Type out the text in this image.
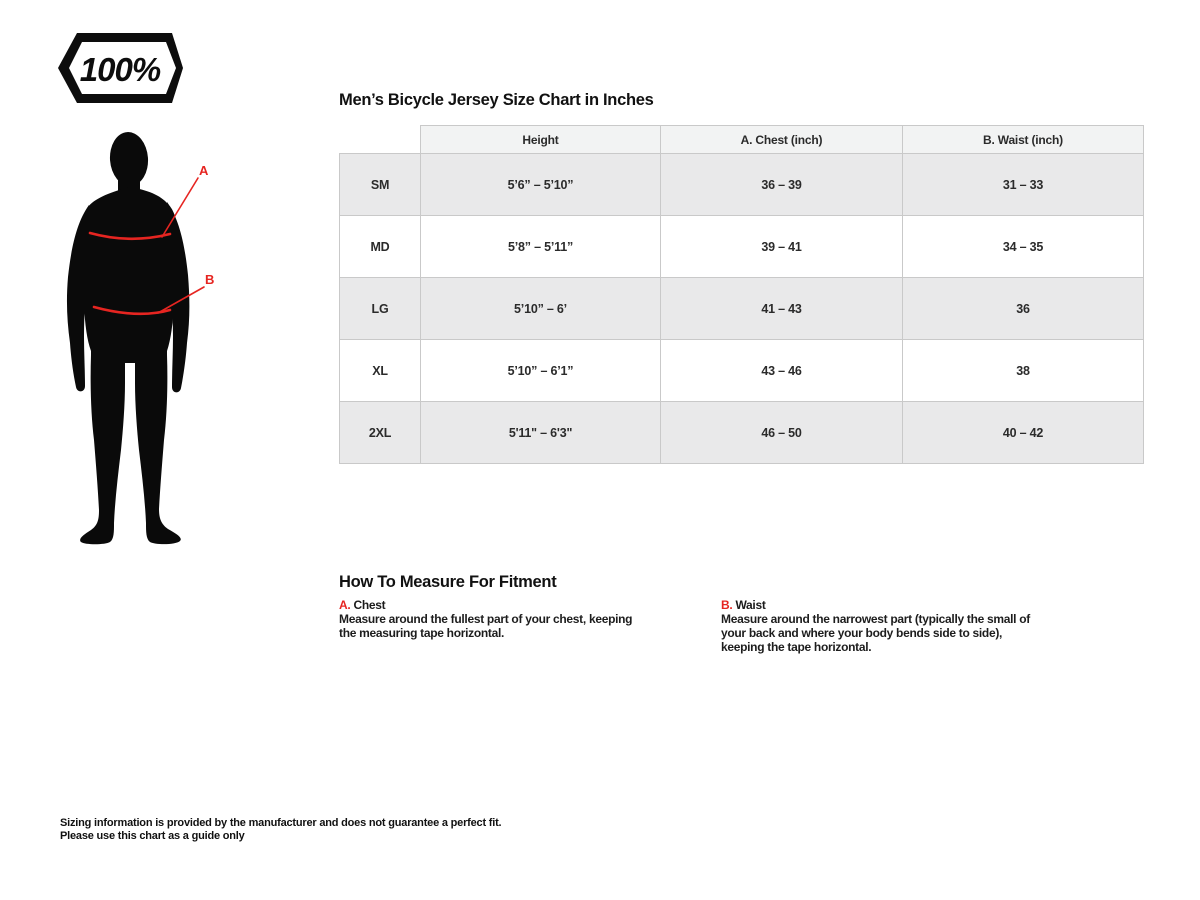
100%
Men’s Bicycle Jersey Size Chart in Inches
	Height	A. Chest (inch)	B. Waist (inch)
SM	5’6” – 5’10”	36 – 39	31 – 33
MD	5’8” – 5’11”	39 – 41	34 – 35
LG	5’10” – 6’	41 – 43	36
XL	5’10” – 6’1”	43 – 46	38
2XL	5'11" – 6'3"	46 – 50	40 – 42
A
B
How To Measure For Fitment
A. Chest
Measure around the fullest part of your chest, keeping the measuring tape horizontal.
B. Waist
Measure around the narrowest part (typically the small of your back and where your body bends side to side), keeping the tape horizontal.
Sizing information is provided by the manufacturer and does not guarantee a perfect fit.
Please use this chart as a guide only
